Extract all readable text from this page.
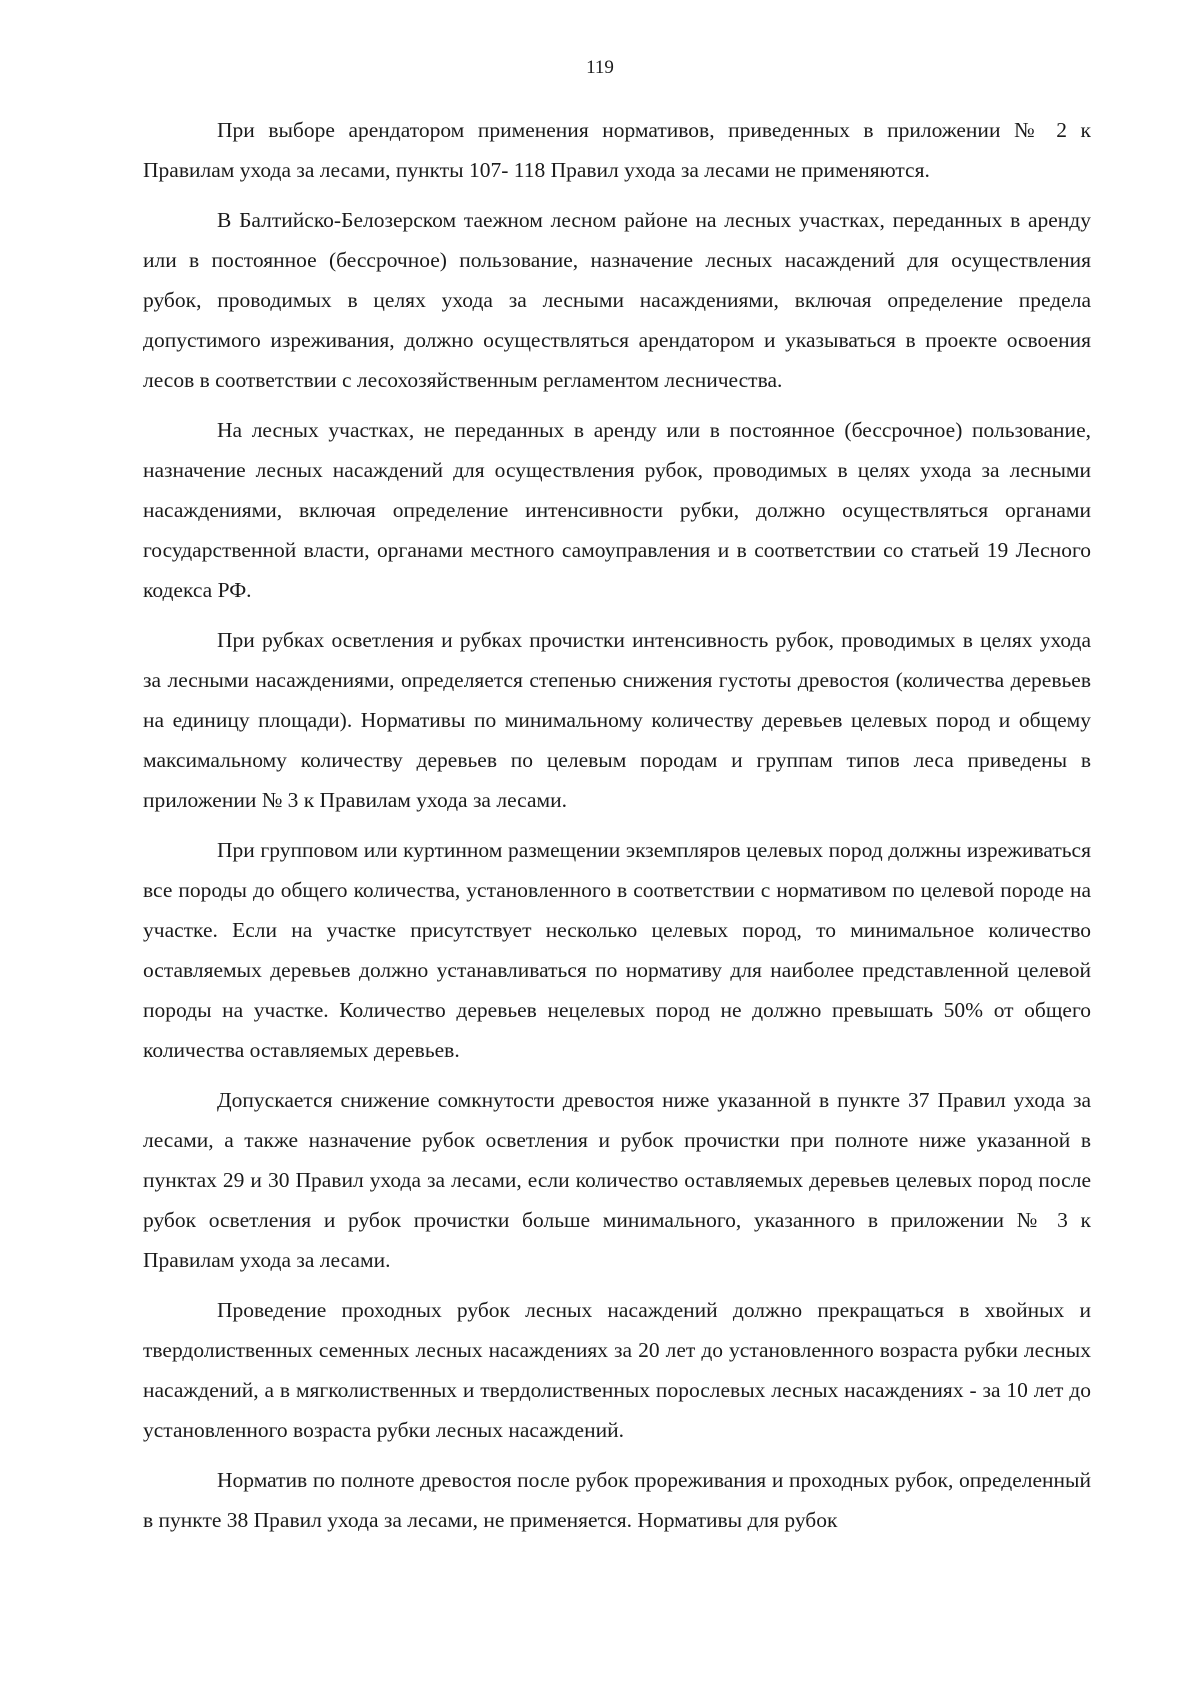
119

При выборе арендатором применения нормативов, приведенных в приложении № 2 к Правилам ухода за лесами, пункты 107- 118 Правил ухода за лесами не применяются.

В Балтийско-Белозерском таежном лесном районе на лесных участках, переданных в аренду или в постоянное (бессрочное) пользование, назначение лесных насаждений для осуществления рубок, проводимых в целях ухода за лесными насаждениями, включая определение предела допустимого изреживания, должно осуществляться арендатором и указываться в проекте освоения лесов в соответствии с лесохозяйственным регламентом лесничества.

На лесных участках, не переданных в аренду или в постоянное (бессрочное) пользование, назначение лесных насаждений для осуществления рубок, проводимых в целях ухода за лесными насаждениями, включая определение интенсивности рубки, должно осуществляться органами государственной власти, органами местного самоуправления и в соответствии со статьей 19 Лесного кодекса РФ.

При рубках осветления и рубках прочистки интенсивность рубок, проводимых в целях ухода за лесными насаждениями, определяется степенью снижения густоты древостоя (количества деревьев на единицу площади). Нормативы по минимальному количеству деревьев целевых пород и общему максимальному количеству деревьев по целевым породам и группам типов леса приведены в приложении № 3 к Правилам ухода за лесами.

При групповом или куртинном размещении экземпляров целевых пород должны изреживаться все породы до общего количества, установленного в соответствии с нормативом по целевой породе на участке. Если на участке присутствует несколько целевых пород, то минимальное количество оставляемых деревьев должно устанавливаться по нормативу для наиболее представленной целевой породы на участке. Количество деревьев нецелевых пород не должно превышать 50% от общего количества оставляемых деревьев.

Допускается снижение сомкнутости древостоя ниже указанной в пункте 37 Правил ухода за лесами, а также назначение рубок осветления и рубок прочистки при полноте ниже указанной в пунктах 29 и 30 Правил ухода за лесами, если количество оставляемых деревьев целевых пород после рубок осветления и рубок прочистки больше минимального, указанного в приложении № 3 к Правилам ухода за лесами.

Проведение проходных рубок лесных насаждений должно прекращаться в хвойных и твердолиственных семенных лесных насаждениях за 20 лет до установленного возраста рубки лесных насаждений, а в мягколиственных и твердолиственных порослевых лесных насаждениях - за 10 лет до установленного возраста рубки лесных насаждений.

Норматив по полноте древостоя после рубок прореживания и проходных рубок, определенный в пункте 38 Правил ухода за лесами, не применяется. Нормативы для рубок
